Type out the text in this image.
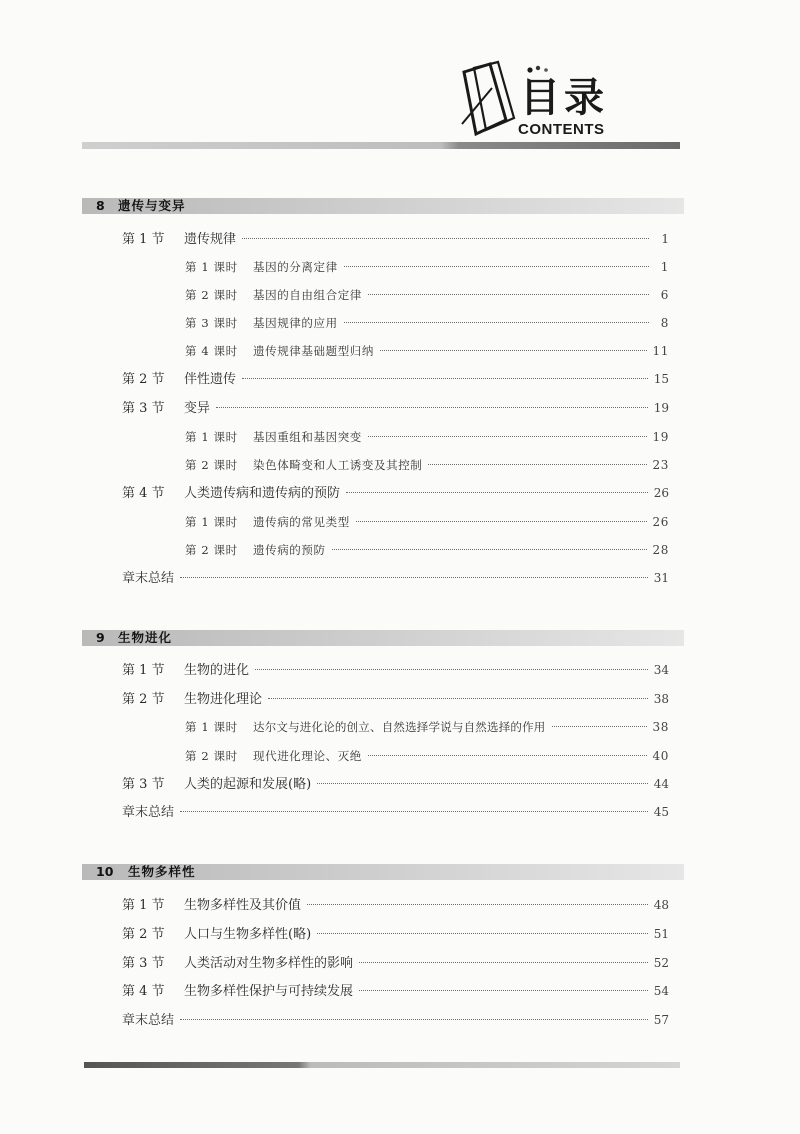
目录
CONTENTS
8 遗传与变异
第 1 节	遗传规律	1
第 1 课时	基因的分离定律	1
第 2 课时	基因的自由组合定律	6
第 3 课时	基因规律的应用	8
第 4 课时	遗传规律基础题型归纳	11
第 2 节	伴性遗传	15
第 3 节	变异	19
第 1 课时	基因重组和基因突变	19
第 2 课时	染色体畸变和人工诱变及其控制	23
第 4 节	人类遗传病和遗传病的预防	26
第 1 课时	遗传病的常见类型	26
第 2 课时	遗传病的预防	28
章末总结	31
9 生物进化
第 1 节	生物的进化	34
第 2 节	生物进化理论	38
第 1 课时	达尔文与进化论的创立、自然选择学说与自然选择的作用	38
第 2 课时	现代进化理论、灭绝	40
第 3 节	人类的起源和发展(略)	44
章末总结	45
10 生物多样性
第 1 节	生物多样性及其价值	48
第 2 节	人口与生物多样性(略)	51
第 3 节	人类活动对生物多样性的影响	52
第 4 节	生物多样性保护与可持续发展	54
章末总结	57
